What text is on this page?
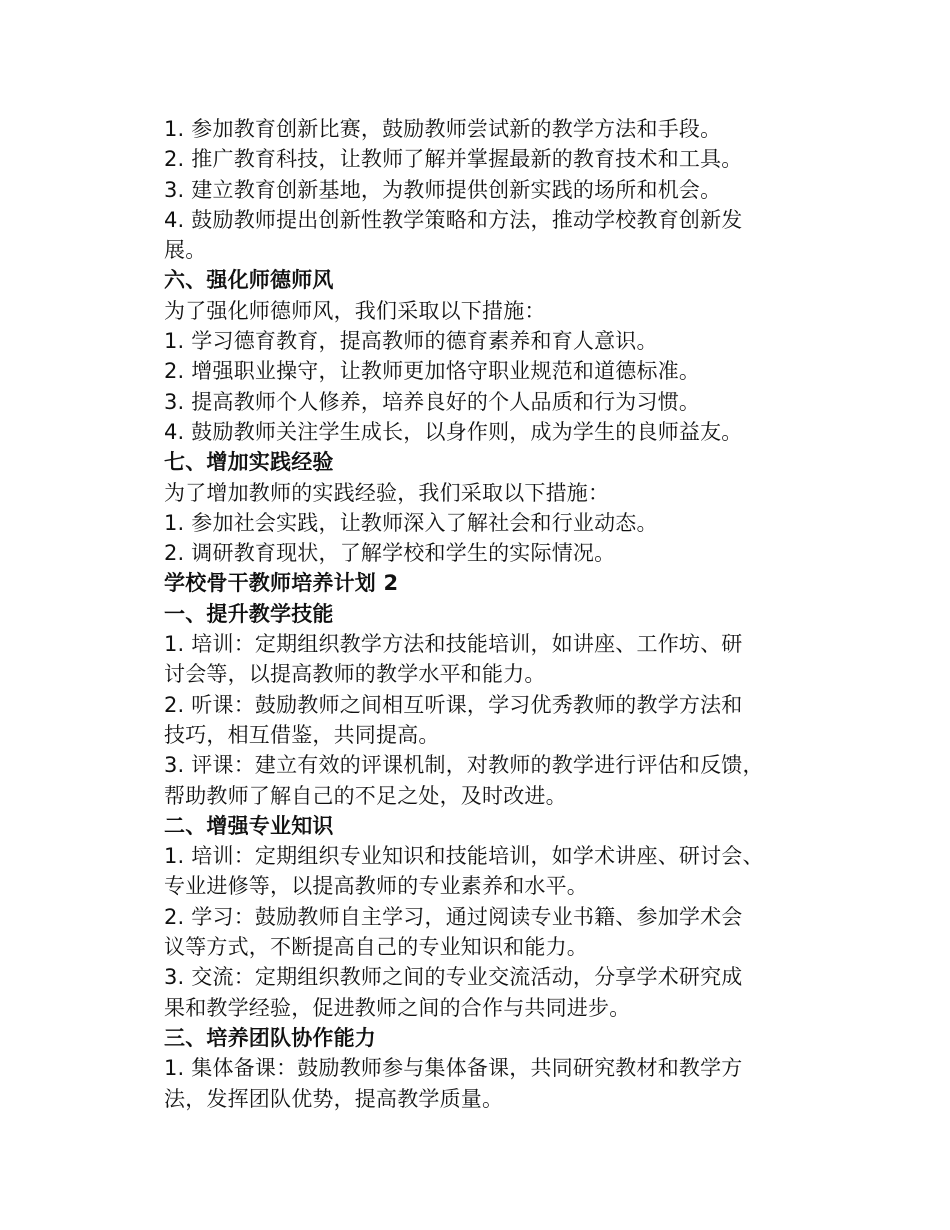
1. 参加教育创新比赛，鼓励教师尝试新的教学方法和手段。
2. 推广教育科技，让教师了解并掌握最新的教育技术和工具。
3. 建立教育创新基地，为教师提供创新实践的场所和机会。
4. 鼓励教师提出创新性教学策略和方法，推动学校教育创新发
展。
六、强化师德师风
为了强化师德师风，我们采取以下措施：
1. 学习德育教育，提高教师的德育素养和育人意识。
2. 增强职业操守，让教师更加恪守职业规范和道德标准。
3. 提高教师个人修养，培养良好的个人品质和行为习惯。
4. 鼓励教师关注学生成长，以身作则，成为学生的良师益友。
七、增加实践经验
为了增加教师的实践经验，我们采取以下措施：
1. 参加社会实践，让教师深入了解社会和行业动态。
2. 调研教育现状，了解学校和学生的实际情况。
学校骨干教师培养计划 2
一、提升教学技能
1. 培训：定期组织教学方法和技能培训，如讲座、工作坊、研
讨会等，以提高教师的教学水平和能力。
2. 听课：鼓励教师之间相互听课，学习优秀教师的教学方法和
技巧，相互借鉴，共同提高。
3. 评课：建立有效的评课机制，对教师的教学进行评估和反馈，
帮助教师了解自己的不足之处，及时改进。
二、增强专业知识
1. 培训：定期组织专业知识和技能培训，如学术讲座、研讨会、
专业进修等，以提高教师的专业素养和水平。
2. 学习：鼓励教师自主学习，通过阅读专业书籍、参加学术会
议等方式，不断提高自己的专业知识和能力。
3. 交流：定期组织教师之间的专业交流活动，分享学术研究成
果和教学经验，促进教师之间的合作与共同进步。
三、培养团队协作能力
1. 集体备课：鼓励教师参与集体备课，共同研究教材和教学方
法，发挥团队优势，提高教学质量。
